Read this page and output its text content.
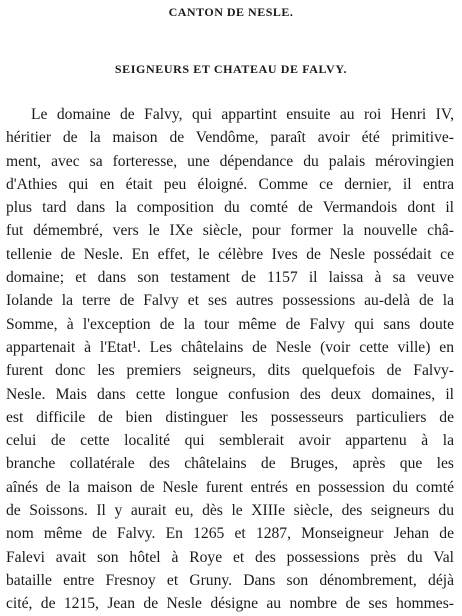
CANTON DE NESLE.
SEIGNEURS ET CHATEAU DE FALVY.
Le domaine de Falvy, qui appartint ensuite au roi Henri IV,
héritier de la maison de Vendôme, paraît avoir été primitive-
ment, avec sa forteresse, une dépendance du palais mérovingien
d'Athies qui en était peu éloigné. Comme ce dernier, il entra
plus tard dans la composition du comté de Vermandois dont il
fut démembré, vers le IXe siècle, pour former la nouvelle châ-
tellenie de Nesle. En effet, le célèbre Ives de Nesle possédait ce
domaine; et dans son testament de 1157 il laissa à sa veuve
Iolande la terre de Falvy et ses autres possessions au-delà de la
Somme, à l'exception de la tour même de Falvy qui sans doute
appartenait à l'Etat¹. Les châtelains de Nesle (voir cette ville) en
furent donc les premiers seigneurs, dits quelquefois de Falvy-
Nesle. Mais dans cette longue confusion des deux domaines, il
est difficile de bien distinguer les possesseurs particuliers de
celui de cette localité qui semblerait avoir appartenu à la
branche collatérale des châtelains de Bruges, après que les
aînés de la maison de Nesle furent entrés en possession du comté
de Soissons. Il y aurait eu, dès le XIIIe siècle, des seigneurs du
nom même de Falvy. En 1265 et 1287, Monseigneur Jehan de
Falevi avait son hôtel à Roye et des possessions près du Val
bataille entre Fresnoy et Gruny. Dans son dénombrement, déjà
cité, de 1215, Jean de Nesle désigne au nombre de ses hommes-
